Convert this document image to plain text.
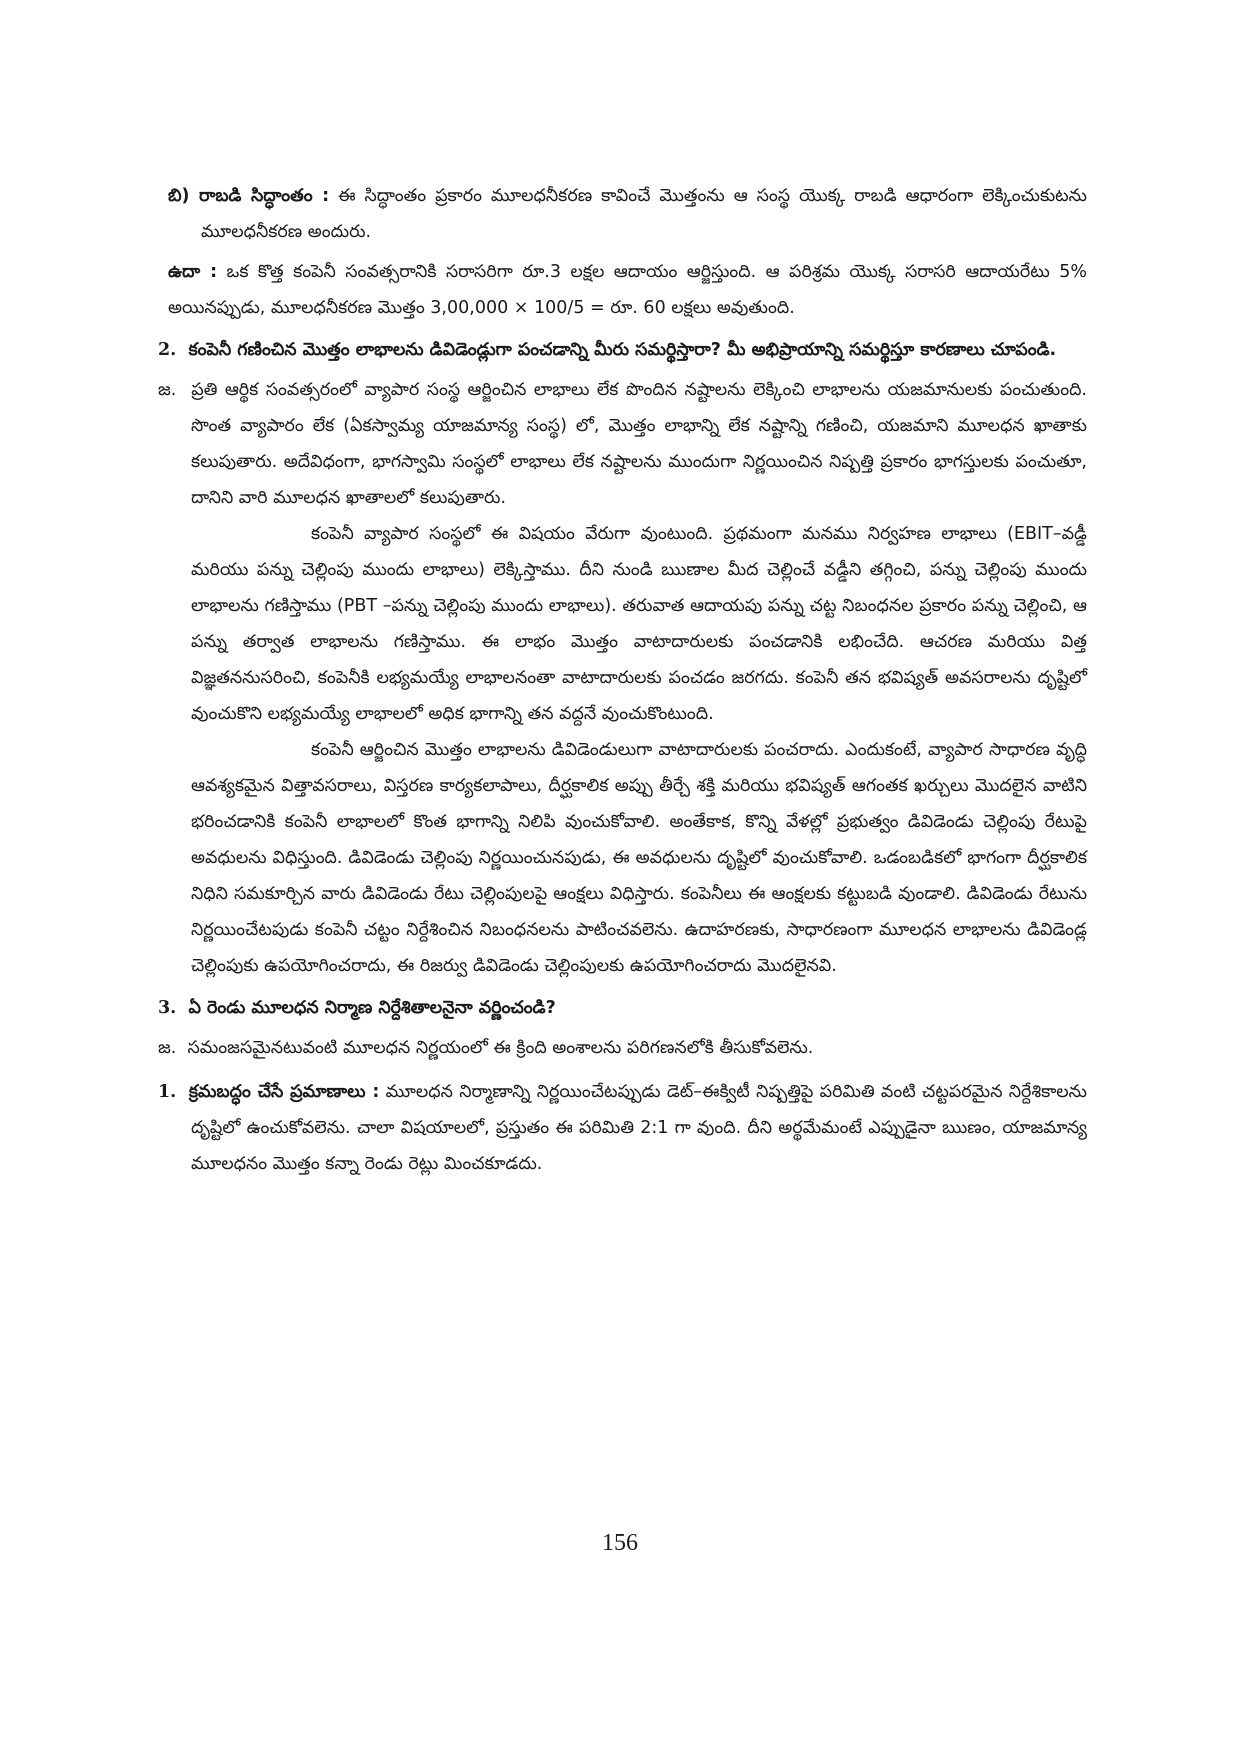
బి) రాబడి సిద్ధాంతం : ఈ సిద్ధాంతం ప్రకారం మూలధనీకరణ కావించే మొత్తంను ఆ సంస్థ యొక్క రాబడి ఆధారంగా లెక్కించుకుటను మూలధనీకరణ అందురు.

ఉదా : ఒక కొత్త కంపెనీ సంవత్సరానికి సరాసరిగా రూ.3 లక్షల ఆదాయం ఆర్జిస్తుంది. ఆ పరిశ్రమ యొక్క సరాసరి ఆదాయరేటు 5% అయినప్పుడు, మూలధనీకరణ మొత్తం 3,00,000 × 100/5 = రూ. 60 లక్షలు అవుతుంది.

2. కంపెనీ గణించిన మొత్తం లాభాలను డివిడెండ్లుగా పంచడాన్ని మీరు సమర్థిస్తారా? మీ అభిప్రాయాన్ని సమర్థిస్తూ కారణాలు చూపండి.

జ. ప్రతి ఆర్థిక సంవత్సరంలో వ్యాపార సంస్థ ఆర్జించిన లాభాలు లేక పొందిన నష్టాలను లెక్కించి లాభాలను యజమానులకు పంచుతుంది. సొంత వ్యాపారం లేక (ఏకస్వామ్య యాజమాన్య సంస్థ) లో, మొత్తం లాభాన్ని లేక నష్టాన్ని గణించి, యజమాని మూలధన ఖాతాకు కలుపుతారు. అదేవిధంగా, భాగస్వామి సంస్థలో లాభాలు లేక నష్టాలను ముందుగా నిర్ణయించిన నిష్పత్తి ప్రకారం భాగస్తులకు పంచుతూ, దానిని వారి మూలధన ఖాతాలలో కలుపుతారు.

కంపెనీ వ్యాపార సంస్థలో ఈ విషయం వేరుగా వుంటుంది. ప్రథమంగా మనము నిర్వహణ లాభాలు (EBIT–వడ్డీ మరియు పన్ను చెల్లింపు ముందు లాభాలు) లెక్కిస్తాము. దీని నుండి ఋణాల మీద చెల్లించే వడ్డీని తగ్గించి, పన్ను చెల్లింపు ముందు లాభాలను గణిస్తాము (PBT –పన్ను చెల్లింపు ముందు లాభాలు). తరువాత ఆదాయపు పన్ను చట్ట నిబంధనల ప్రకారం పన్ను చెల్లించి, ఆ పన్ను తర్వాత లాభాలను గణిస్తాము. ఈ లాభం మొత్తం వాటాదారులకు పంచడానికి లభించేది. ఆచరణ మరియు విత్త విజ్ఞతననుసరించి, కంపెనీకి లభ్యమయ్యే లాభాలనంతా వాటాదారులకు పంచడం జరగదు. కంపెనీ తన భవిష్యత్ అవసరాలను దృష్టిలో వుంచుకొని లభ్యమయ్యే లాభాలలో అధిక భాగాన్ని తన వద్దనే వుంచుకొంటుంది.

కంపెనీ ఆర్జించిన మొత్తం లాభాలను డివిడెండులుగా వాటాదారులకు పంచరాదు. ఎందుకంటే, వ్యాపార సాధారణ వృద్ధి ఆవశ్యకమైన విత్తావసరాలు, విస్తరణ కార్యకలాపాలు, దీర్ఘకాలిక అప్పు తీర్చే శక్తి మరియు భవిష్యత్ ఆగంతక ఖర్చులు మొదలైన వాటిని భరించడానికి కంపెనీ లాభాలలో కొంత భాగాన్ని నిలిపి వుంచుకోవాలి. అంతేకాక, కొన్ని వేళల్లో ప్రభుత్వం డివిడెండు చెల్లింపు రేటుపై అవధులను విధిస్తుంది. డివిడెండు చెల్లింపు నిర్ణయించునపుడు, ఈ అవధులను దృష్టిలో వుంచుకోవాలి. ఒడంబడికలో భాగంగా దీర్ఘకాలిక నిధిని సమకూర్చిన వారు డివిడెండు రేటు చెల్లింపులపై ఆంక్షలు విధిస్తారు. కంపెనీలు ఈ ఆంక్షలకు కట్టుబడి వుండాలి. డివిడెండు రేటును నిర్ణయించేటపుడు కంపెనీ చట్టం నిర్దేశించిన నిబంధనలను పాటించవలెను. ఉదాహరణకు, సాధారణంగా మూలధన లాభాలను డివిడెండ్ల చెల్లింపుకు ఉపయోగించరాదు, ఈ రిజర్వు డివిడెండు చెల్లింపులకు ఉపయోగించరాదు మొదలైనవి.

3. ఏ రెండు మూలధన నిర్మాణ నిర్దేశితాలనైనా వర్ణించండి?

జ. సమంజసమైనటువంటి మూలధన నిర్ణయంలో ఈ క్రింది అంశాలను పరిగణనలోకి తీసుకోవలెను.

1. క్రమబద్ధం చేసే ప్రమాణాలు : మూలధన నిర్మాణాన్ని నిర్ణయించేటప్పుడు డెట్–ఈక్విటీ నిష్పత్తిపై పరిమితి వంటి చట్టపరమైన నిర్దేశికాలను దృష్టిలో ఉంచుకోవలెను. చాలా విషయాలలో, ప్రస్తుతం ఈ పరిమితి 2:1 గా వుంది. దీని అర్థమేమంటే ఎప్పుడైనా ఋణం, యాజమాన్య మూలధనం మొత్తం కన్నా రెండు రెట్లు మించకూడదు.

156
